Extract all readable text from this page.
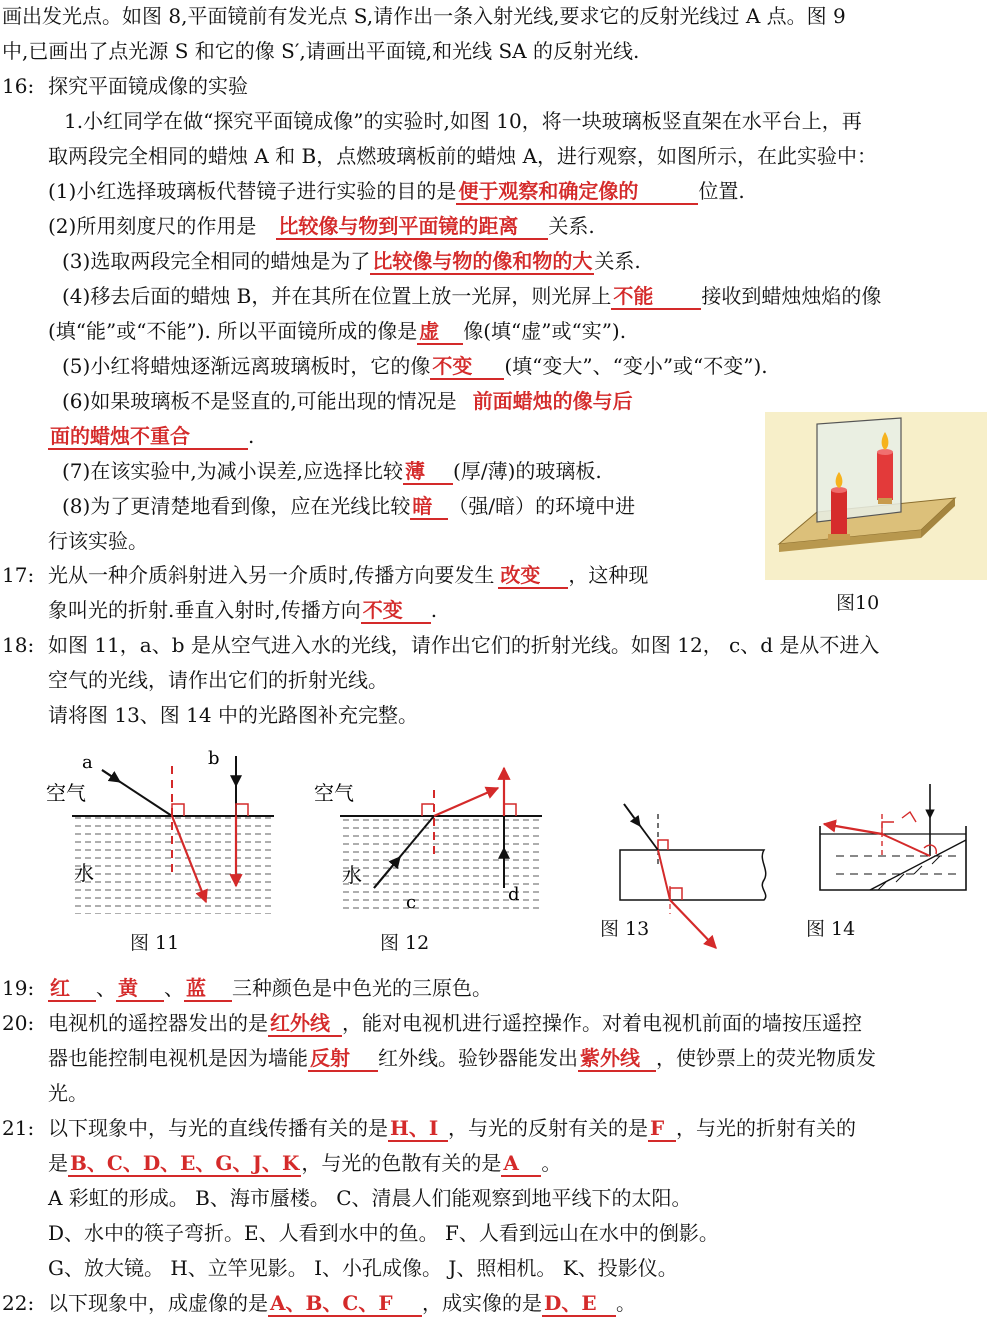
画出发光点。如图 8,平面镜前有发光点 S,请作出一条入射光线,要求它的反射光线过 A 点。图 9
中,已画出了点光源 S 和它的像 S′,请画出平面镜,和光线 SA 的反射光线.
16: 探究平面镜成像的实验
1.小红同学在做“探究平面镜成像”的实验时,如图 10，将一块玻璃板竖直架在水平台上，再
取两段完全相同的蜡烛 A 和 B，点燃玻璃板前的蜡烛 A，进行观察，如图所示，在此实验中：
(1)小红选择玻璃板代替镜子进行实验的目的是 便于观察和确定像的	位置.
(2)所用刻度尺的作用是 比较像与物到平面镜的距离 关系.
(3)选取两段完全相同的蜡烛是为了 比较像与物的像和物的大 关系.
(4)移去后面的蜡烛 B，并在其所在位置上放一光屏，则光屏上 不能 接收到蜡烛烛焰的像
(填“能”或“不能”). 所以平面镜所成的像是 虚 像(填“虚”或“实”).
(5)小红将蜡烛逐渐远离玻璃板时，它的像 不变 (填“变大”、“变小”或“不变”).
(6)如果玻璃板不是竖直的,可能出现的情况是 前面蜡烛的像与后
面的蜡烛不重合	.
(7)在该实验中,为减小误差,应选择比较 薄 (厚/薄)的玻璃板.
(8)为了更清楚地看到像，应在光线比较 暗 （强/暗）的环境中进
行该实验。
图10
17: 光从一种介质斜射进入另一介质时,传播方向要发生 改变 ，这种现
象叫光的折射.垂直入射时,传播方向 不变 .
18: 如图 11，a、b 是从空气进入水的光线，请作出它们的折射光线。如图 12， c、d 是从不进入
空气的光线，请作出它们的折射光线。
请将图 13、图 14 中的光路图补充完整。
空气
水
a	b
图 11
空气
水
c	d
图 12
图 13	图 14
19: 红 、 黄 、 蓝 三种颜色是中色光的三原色。
20: 电视机的遥控器发出的是 红外线 ，能对电视机进行遥控操作。对着电视机前面的墙按压遥控
器也能控制电视机是因为墙能 反射 红外线。验钞器能发出 紫外线 ，使钞票上的荧光物质发
光。
21: 以下现象中，与光的直线传播有关的是 H、I ，与光的反射有关的是 F ，与光的折射有关的
是 B、C、D、E、G、J、K ，与光的色散有关的是 A 。
A 彩虹的形成。 B、海市蜃楼。 C、清晨人们能观察到地平线下的太阳。
D、水中的筷子弯折。E、人看到水中的鱼。 F、人看到远山在水中的倒影。
G、放大镜。 H、立竿见影。 I、小孔成像。 J、照相机。 K、投影仪。
22: 以下现象中，成虚像的是 A、B、C、F ，成实像的是 D、E 。
